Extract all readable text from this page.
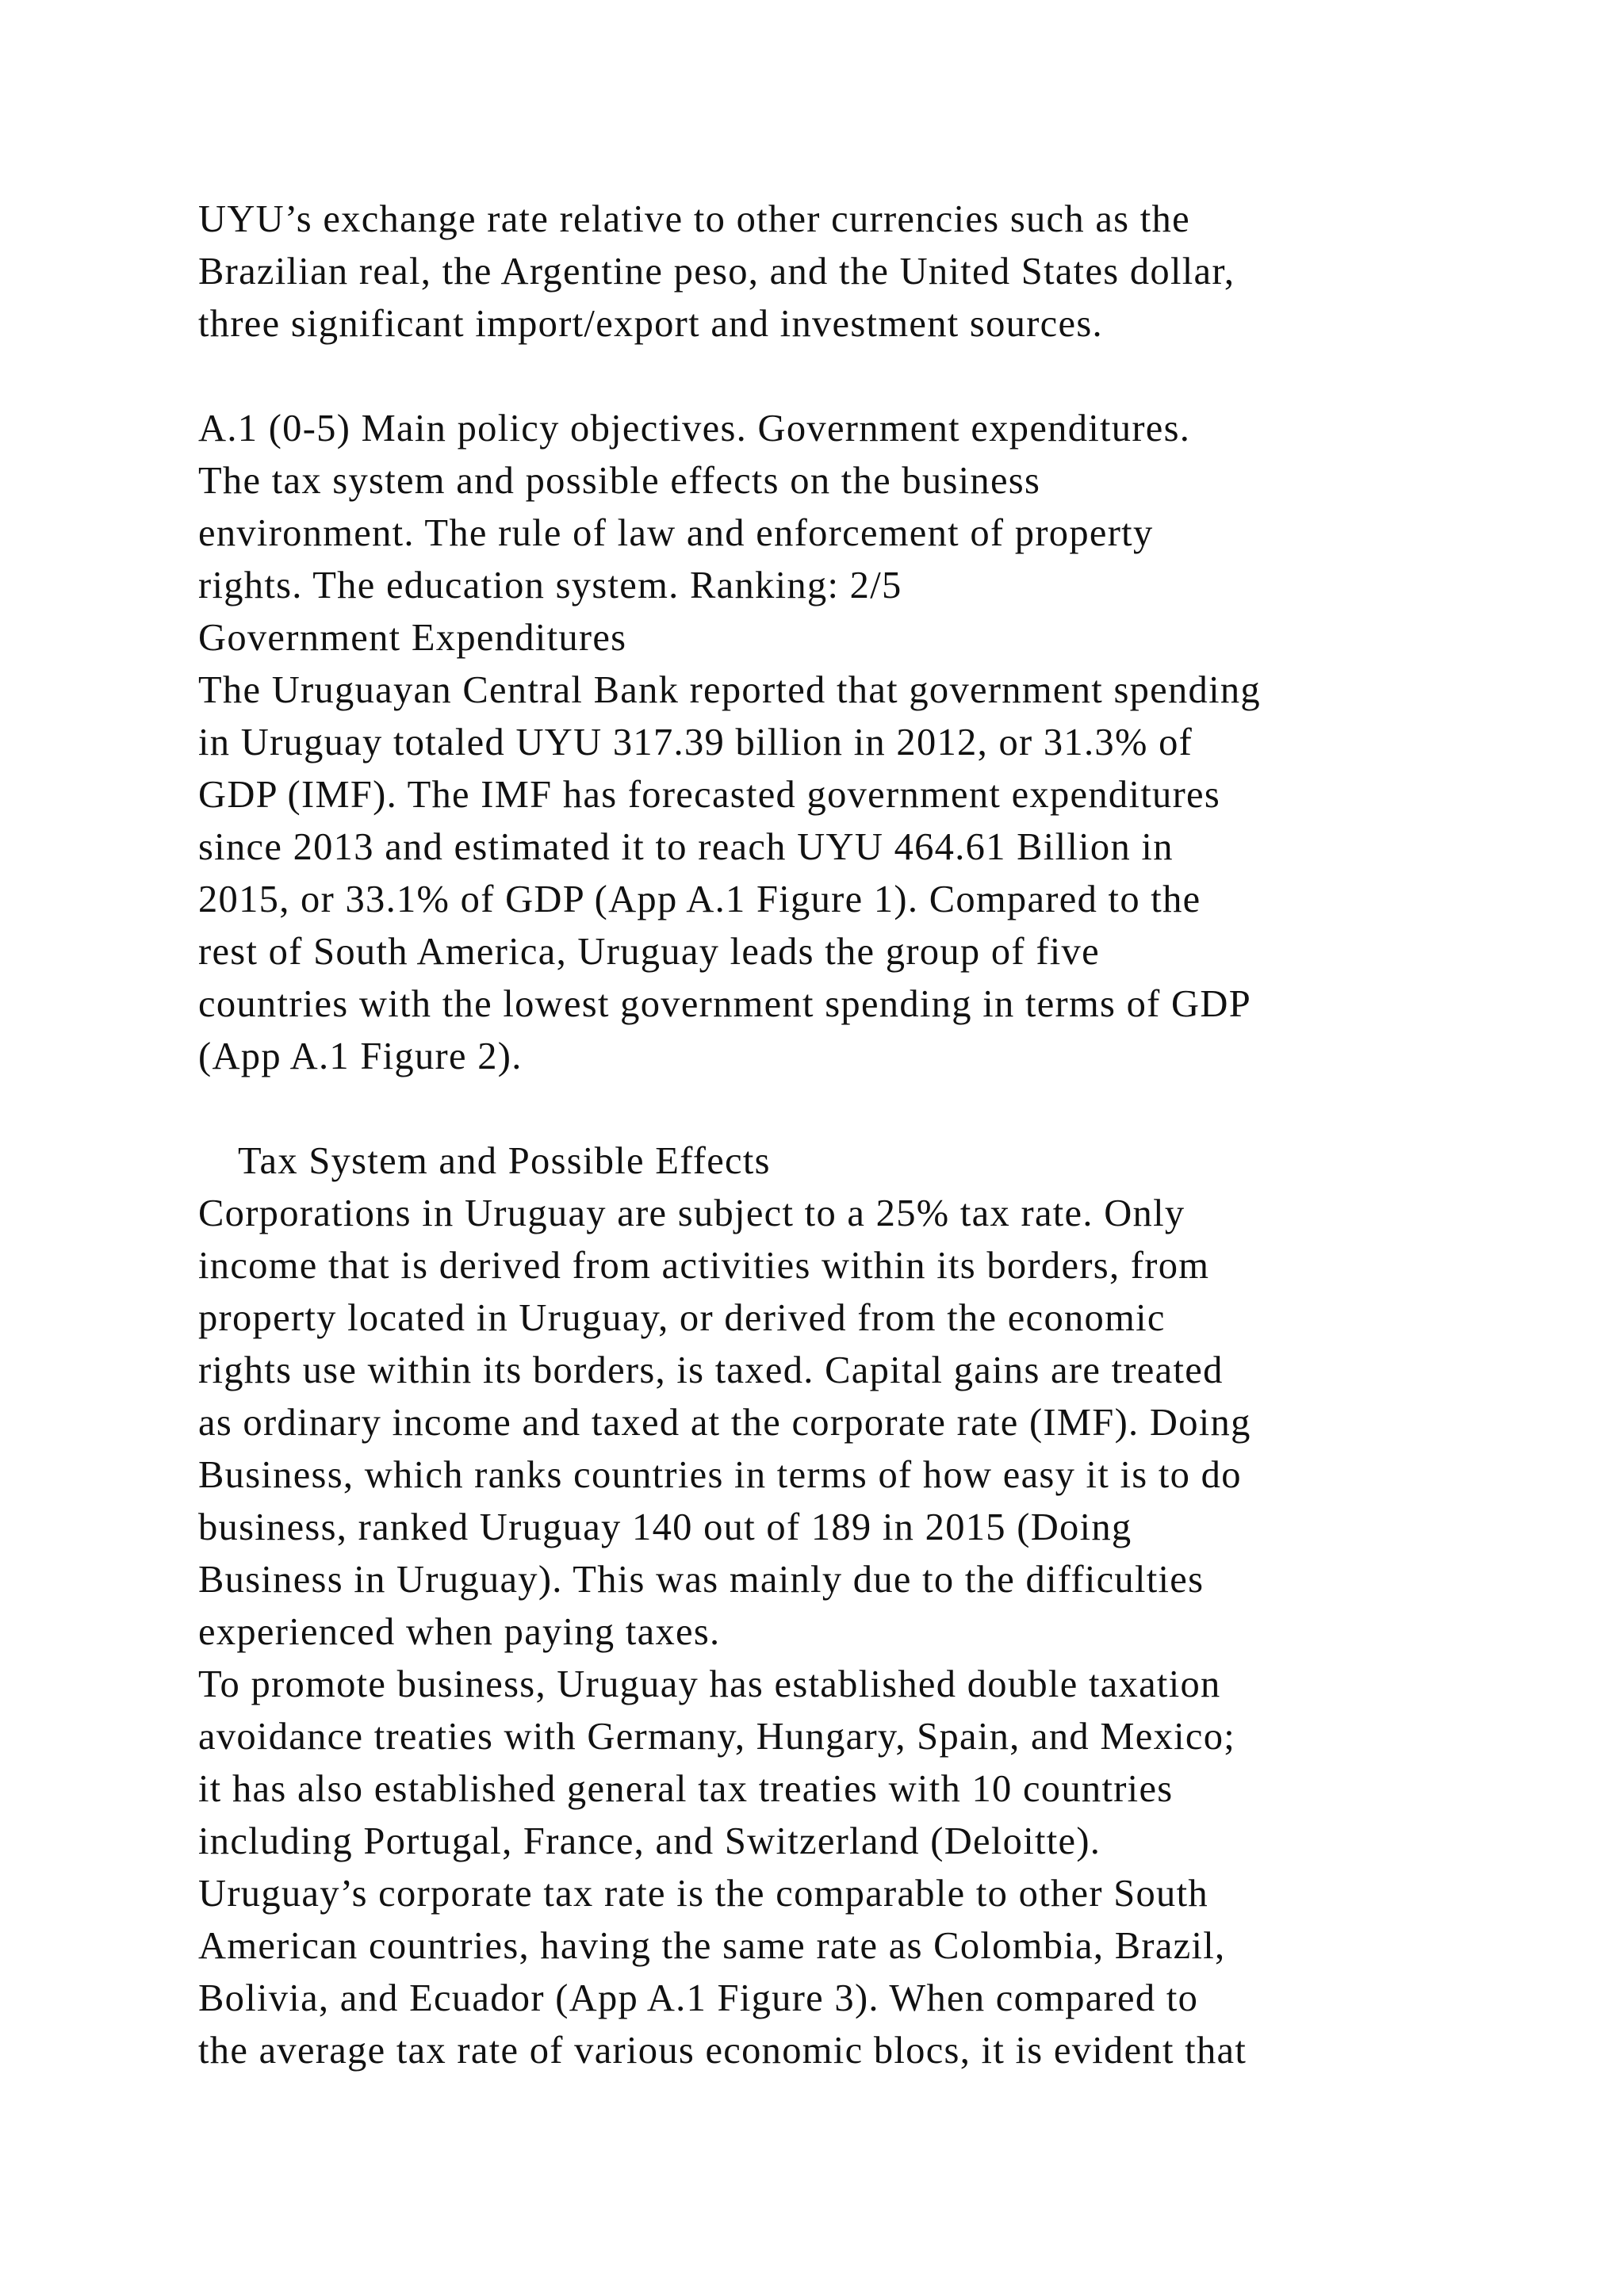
UYU’s exchange rate relative to other currencies such as the
Brazilian real, the Argentine peso, and the United States dollar,
three significant import/export and investment sources.
A.1 (0-5) Main policy objectives. Government expenditures.
The tax system and possible effects on the business
environment. The rule of law and enforcement of property
rights. The education system. Ranking: 2/5
Government Expenditures
The Uruguayan Central Bank reported that government spending
in Uruguay totaled UYU 317.39 billion in 2012, or 31.3% of
GDP (IMF). The IMF has forecasted government expenditures
since 2013 and estimated it to reach UYU 464.61 Billion in
2015, or 33.1% of GDP (App A.1 Figure 1). Compared to the
rest of South America, Uruguay leads the group of five
countries with the lowest government spending in terms of GDP
(App A.1 Figure 2).
Tax System and Possible Effects
Corporations in Uruguay are subject to a 25% tax rate. Only
income that is derived from activities within its borders, from
property located in Uruguay, or derived from the economic
rights use within its borders, is taxed. Capital gains are treated
as ordinary income and taxed at the corporate rate (IMF). Doing
Business, which ranks countries in terms of how easy it is to do
business, ranked Uruguay 140 out of 189 in 2015 (Doing
Business in Uruguay). This was mainly due to the difficulties
experienced when paying taxes.
To promote business, Uruguay has established double taxation
avoidance treaties with Germany, Hungary, Spain, and Mexico;
it has also established general tax treaties with 10 countries
including Portugal, France, and Switzerland (Deloitte).
Uruguay’s corporate tax rate is the comparable to other South
American countries, having the same rate as Colombia, Brazil,
Bolivia, and Ecuador (App A.1 Figure 3). When compared to
the average tax rate of various economic blocs, it is evident that
